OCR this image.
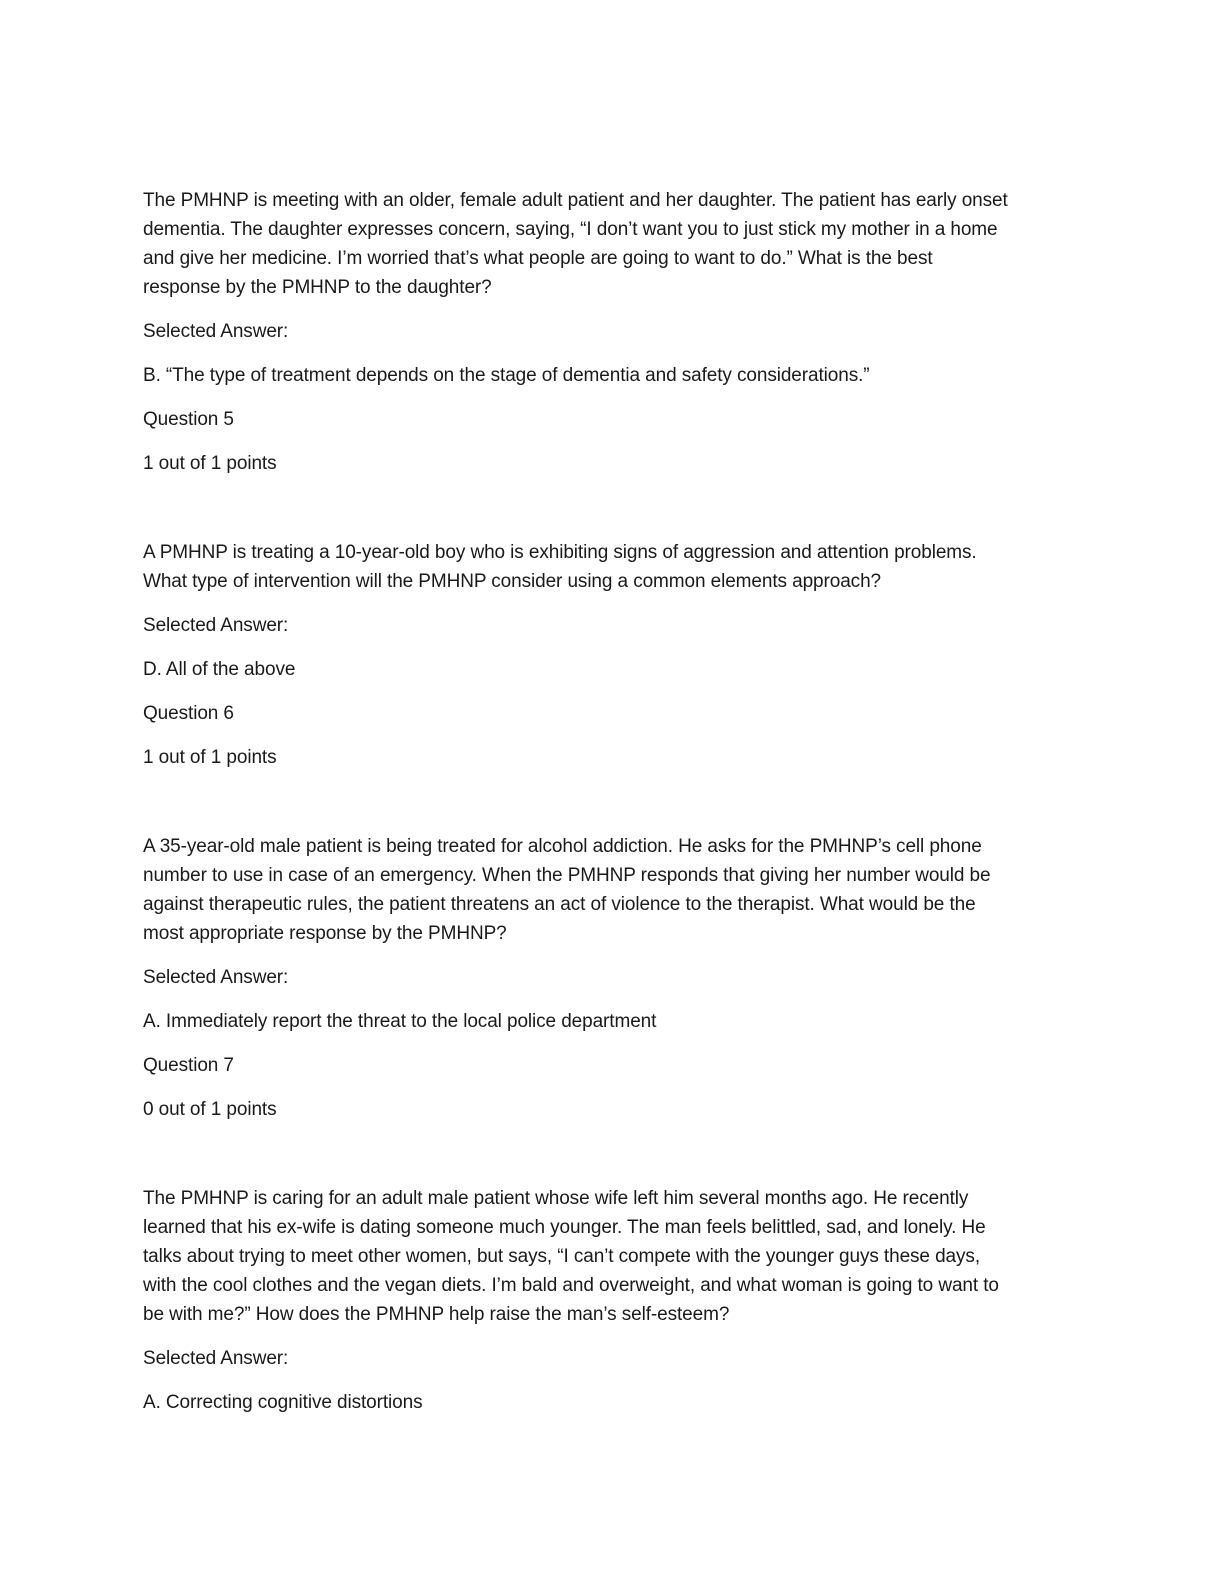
The PMHNP is meeting with an older, female adult patient and her daughter. The patient has early onset
dementia. The daughter expresses concern, saying, “I don’t want you to just stick my mother in a home
and give her medicine. I’m worried that’s what people are going to want to do.” What is the best
response by the PMHNP to the daughter?

Selected Answer:

B. “The type of treatment depends on the stage of dementia and safety considerations.”

Question 5

1 out of 1 points

A PMHNP is treating a 10-year-old boy who is exhibiting signs of aggression and attention problems.
What type of intervention will the PMHNP consider using a common elements approach?

Selected Answer:

D. All of the above

Question 6

1 out of 1 points

A 35-year-old male patient is being treated for alcohol addiction. He asks for the PMHNP’s cell phone
number to use in case of an emergency. When the PMHNP responds that giving her number would be
against therapeutic rules, the patient threatens an act of violence to the therapist. What would be the
most appropriate response by the PMHNP?

Selected Answer:

A. Immediately report the threat to the local police department

Question 7

0 out of 1 points

The PMHNP is caring for an adult male patient whose wife left him several months ago. He recently
learned that his ex-wife is dating someone much younger. The man feels belittled, sad, and lonely. He
talks about trying to meet other women, but says, “I can’t compete with the younger guys these days,
with the cool clothes and the vegan diets. I’m bald and overweight, and what woman is going to want to
be with me?” How does the PMHNP help raise the man’s self-esteem?

Selected Answer:

A. Correcting cognitive distortions
